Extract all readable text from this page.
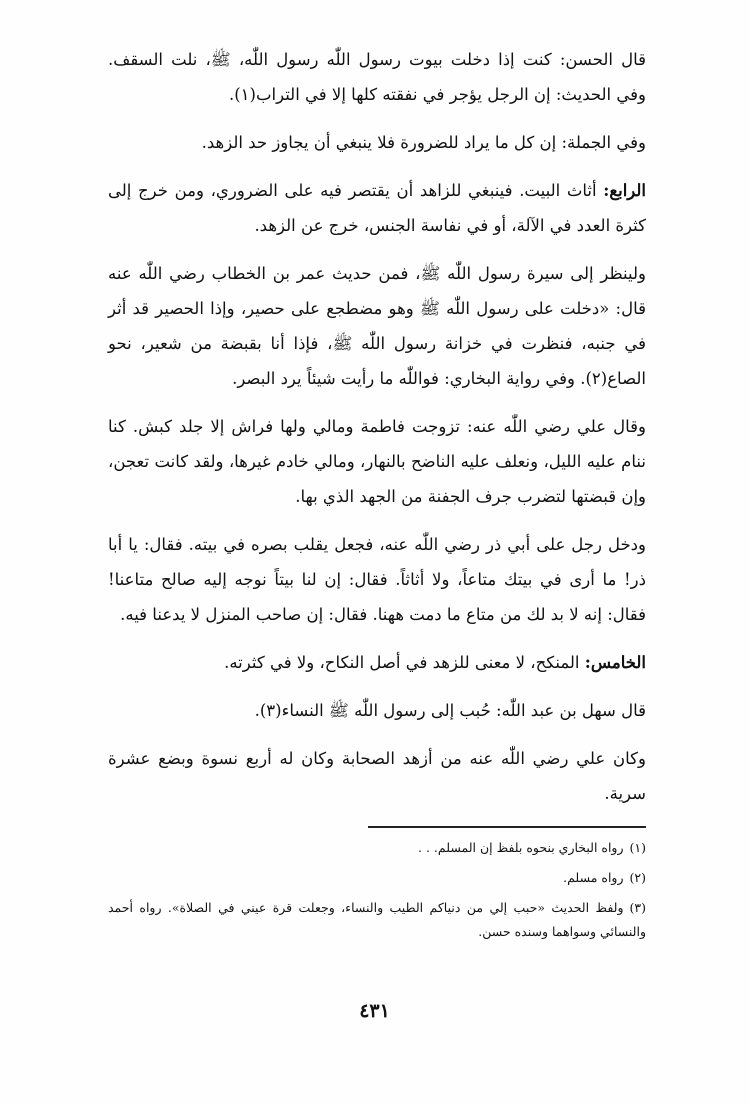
قال الحسن: كنت إذا دخلت بيوت رسول اللّٰه رسول اللّٰه، ﷺ، نلت السقف. وفي الحديث: إن الرجل يؤجر في نفقته كلها إلا في التراب(١).

وفي الجملة: إن كل ما يراد للضرورة فلا ينبغي أن يجاوز حد الزهد.

الرابع: أثاث البيت. فينبغي للزاهد أن يقتصر فيه على الضروري، ومن خرج إلى كثرة العدد في الآلة، أو في نفاسة الجنس، خرج عن الزهد.

ولينظر إلى سيرة رسول اللّٰه ﷺ، فمن حديث عمر بن الخطاب رضي اللّٰه عنه قال: «دخلت على رسول اللّٰه ﷺ وهو مضطجع على حصير، وإذا الحصير قد أثر في جنبه، فنظرت في خزانة رسول اللّٰه ﷺ، فإذا أنا بقبضة من شعير، نحو الصاع(٢). وفي رواية البخاري: فواللّٰه ما رأيت شيئاً يرد البصر.

وقال علي رضي اللّٰه عنه: تزوجت فاطمة ومالي ولها فراش إلا جلد كبش. كنا ننام عليه الليل، ونعلف عليه الناضح بالنهار، ومالي خادم غيرها، ولقد كانت تعجن، وإن قبضتها لتضرب جرف الجفنة من الجهد الذي بها.

ودخل رجل على أبي ذر رضي اللّٰه عنه، فجعل يقلب بصره في بيته. فقال: يا أبا ذر! ما أرى في بيتك متاعاً، ولا أثاثاً. فقال: إن لنا بيتاً نوجه إليه صالح متاعنا! فقال: إنه لا بد لك من متاع ما دمت ههنا. فقال: إن صاحب المنزل لا يدعنا فيه.

الخامس: المنكح، لا معنى للزهد في أصل النكاح، ولا في كثرته.

قال سهل بن عبد اللّٰه: حُبب إلى رسول اللّٰه ﷺ النساء(٣).

وكان علي رضي اللّٰه عنه من أزهد الصحابة وكان له أربع نسوة وبضع عشرة سرية.

(١)رواه البخاري بنحوه بلفظ إن المسلم. . .

(٢)رواه مسلم.

(٣)ولفظ الحديث «حبب إلي من دنياكم الطيب والنساء، وجعلت قرة عيني في الصلاة». رواه أحمد والنسائي وسواهما وسنده حسن.

٤٣١
